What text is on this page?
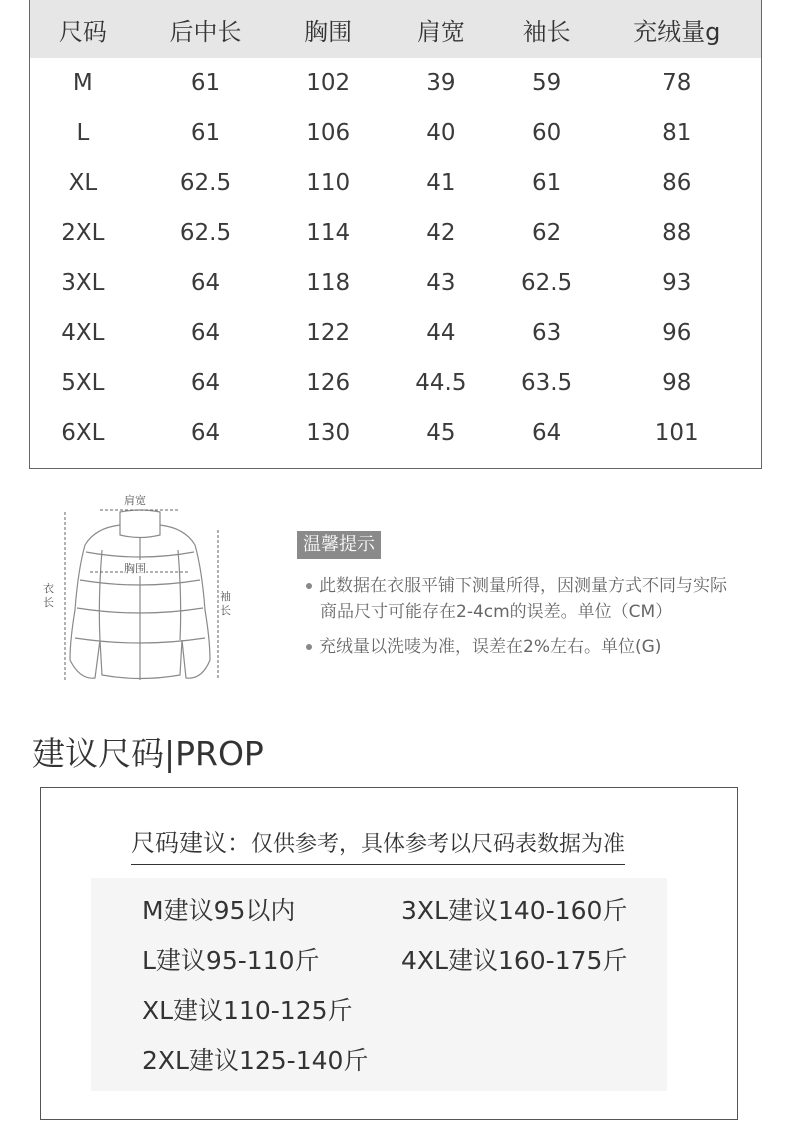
尺码	后中长	胸围	肩宽	袖长	充绒量g
M	61	102	39	59	78
L	61	106	40	60	81
XL	62.5	110	41	61	86
2XL	62.5	114	42	62	88
3XL	64	118	43	62.5	93
4XL	64	122	44	63	96
5XL	64	126	44.5	63.5	98
6XL	64	130	45	64	101
肩宽
胸围
衣
长	袖
长
温馨提示
此数据在衣服平铺下测量所得，因测量方式不同与实际
商品尺寸可能存在2-4cm的误差。单位（CM）
充绒量以洗唛为准，误差在2%左右。单位(G)
建议尺码|PROP
尺码建议：仅供参考，具体参考以尺码表数据为准
M建议95以内
L建议95-110斤
XL建议110-125斤
2XL建议125-140斤
3XL建议140-160斤
4XL建议160-175斤
